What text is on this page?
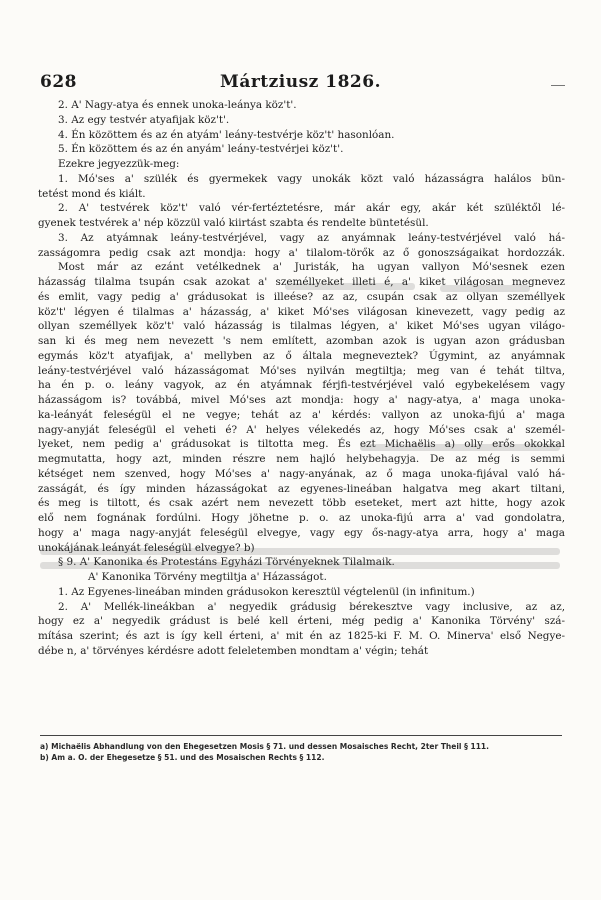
628	Mártziusz 1826.
2. A' Nagy-atya és ennek unoka-leánya köz't'.
3. Az egy testvér atyafijak köz't'.
4. Én közöttem és az én atyám' leány-testvérje köz't' hasonlóan.
5. Én közöttem és az én anyám' leány-testvérjei köz't'.
Ezekre jegyezzük-meg:
1. Mó'ses a' szülék és gyermekek vagy unokák közt való házasságra halálos bün-
tetést mond és kiált.
2. A' testvérek köz't' való vér-fertéztetésre, már akár egy, akár két szüléktől lé-
gyenek testvérek a' nép közzül való kiirtást szabta és rendelte büntetésül.
3. Az atyámnak leány-testvérjével, vagy az anyámnak leány-testvérjével való há-
zasságomra pedig csak azt mondja: hogy a' tilalom-törők az ő gonoszságaikat hordozzák.
Most már az ezánt vetélkednek a' Juristák, ha ugyan vallyon Mó'sesnek ezen
házasság tilalma tsupán csak azokat a' személlyeket illeti é, a' kiket világosan megnevez
és emlit, vagy pedig a' grádusokat is illeése? az az, csupán csak az ollyan személlyek
köz't' légyen é tilalmas a' házasság, a' kiket Mó'ses világosan kinevezett, vagy pedig az
ollyan személlyek köz't' való házasság is tilalmas légyen, a' kiket Mó'ses ugyan világo-
san ki és meg nem nevezett 's nem említett, azomban azok is ugyan azon grádusban
egymás köz't atyafijak, a' mellyben az ő általa megneveztek? Úgymint, az anyámnak
leány-testvérjével való házasságomat Mó'ses nyilván megtiltja; meg van é tehát tiltva,
ha én p. o. leány vagyok, az én atyámnak férjfi-testvérjével való egybekelésem vagy
házasságom is? továbbá, mivel Mó'ses azt mondja: hogy a' nagy-atya, a' maga unoka-
ka-leányát feleségül el ne vegye; tehát az a' kérdés: vallyon az unoka-fijú a' maga
nagy-anyját feleségül el veheti é? A' helyes vélekedés az, hogy Mó'ses csak a' személ-
lyeket, nem pedig a' grádusokat is tiltotta meg. És ezt Michaëlis a) olly erős okokkal
megmutatta, hogy azt, minden részre nem hajló helybehagyja. De az még is semmi
kétséget nem szenved, hogy Mó'ses a' nagy-anyának, az ő maga unoka-fijával való há-
zasságát, és így minden házasságokat az egyenes-lineában halgatva meg akart tiltani,
és meg is tiltott, és csak azért nem nevezett több eseteket, mert azt hitte, hogy azok
elő nem fognának fordúlni. Hogy jöhetne p. o. az unoka-fijú arra a' vad gondolatra,
hogy a' maga nagy-anyját feleségül elvegye, vagy egy ős-nagy-atya arra, hogy a' maga
unokájának leányát feleségül elvegye? b)
§ 9. A' Kanonika és Protestáns Egyházi Törvényeknek Tilalmaik.
A' Kanonika Törvény megtiltja a' Házasságot.
1. Az Egyenes-lineában minden grádusokon keresztül végtelenül (in infinitum.)
2. A' Mellék-lineákban a' negyedik grádusig bérekesztve vagy inclusive, az az,
hogy ez a' negyedik grádust is belé kell érteni, még pedig a' Kanonika Törvény' szá-
mítása szerint; és azt is így kell érteni, a' mit én az 1825-ki F. M. O. Minerva' első Negye-
débe n, a' törvényes kérdésre adott feleletemben mondtam a' végin; tehát
a) Michaëlis Abhandlung von den Ehegesetzen Mosis § 71. und dessen Mosaisches Recht, 2ter Theil § 111.
b) Am a. O. der Ehegesetze § 51. und des Mosaischen Rechts § 112.
